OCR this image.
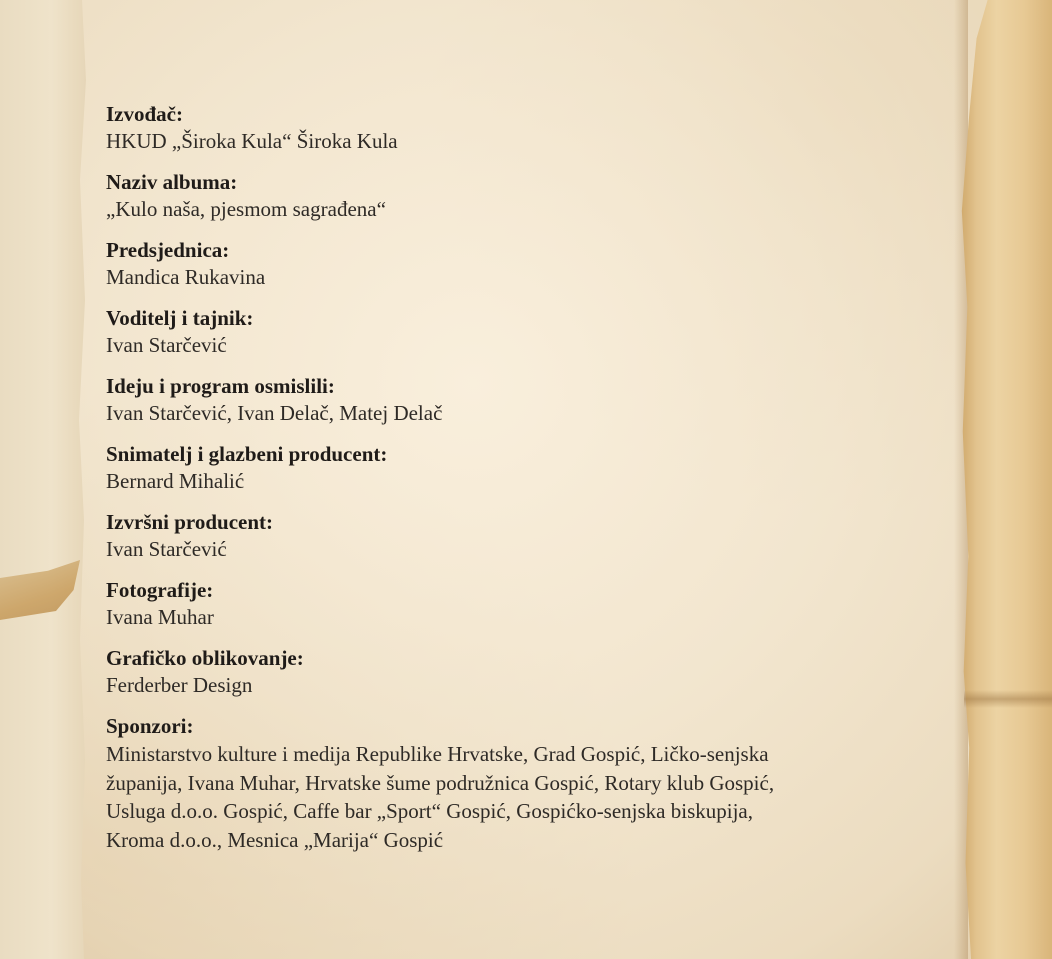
Izvođač:
HKUD „Široka Kula“ Široka Kula
Naziv albuma:
„Kulo naša, pjesmom sagrađena“
Predsjednica:
Mandica Rukavina
Voditelj i tajnik:
Ivan Starčević
Ideju i program osmislili:
Ivan Starčević, Ivan Delač, Matej Delač
Snimatelj i glazbeni producent:
Bernard Mihalić
Izvršni producent:
Ivan Starčević
Fotografije:
Ivana Muhar
Grafičko oblikovanje:
Ferderber Design
Sponzori:
Ministarstvo kulture i medija Republike Hrvatske, Grad Gospić, Ličko-senjska
županija, Ivana Muhar, Hrvatske šume podružnica Gospić, Rotary klub Gospić,
Usluga d.o.o. Gospić, Caffe bar „Sport“ Gospić, Gospićko-senjska biskupija,
Kroma d.o.o., Mesnica „Marija“ Gospić
